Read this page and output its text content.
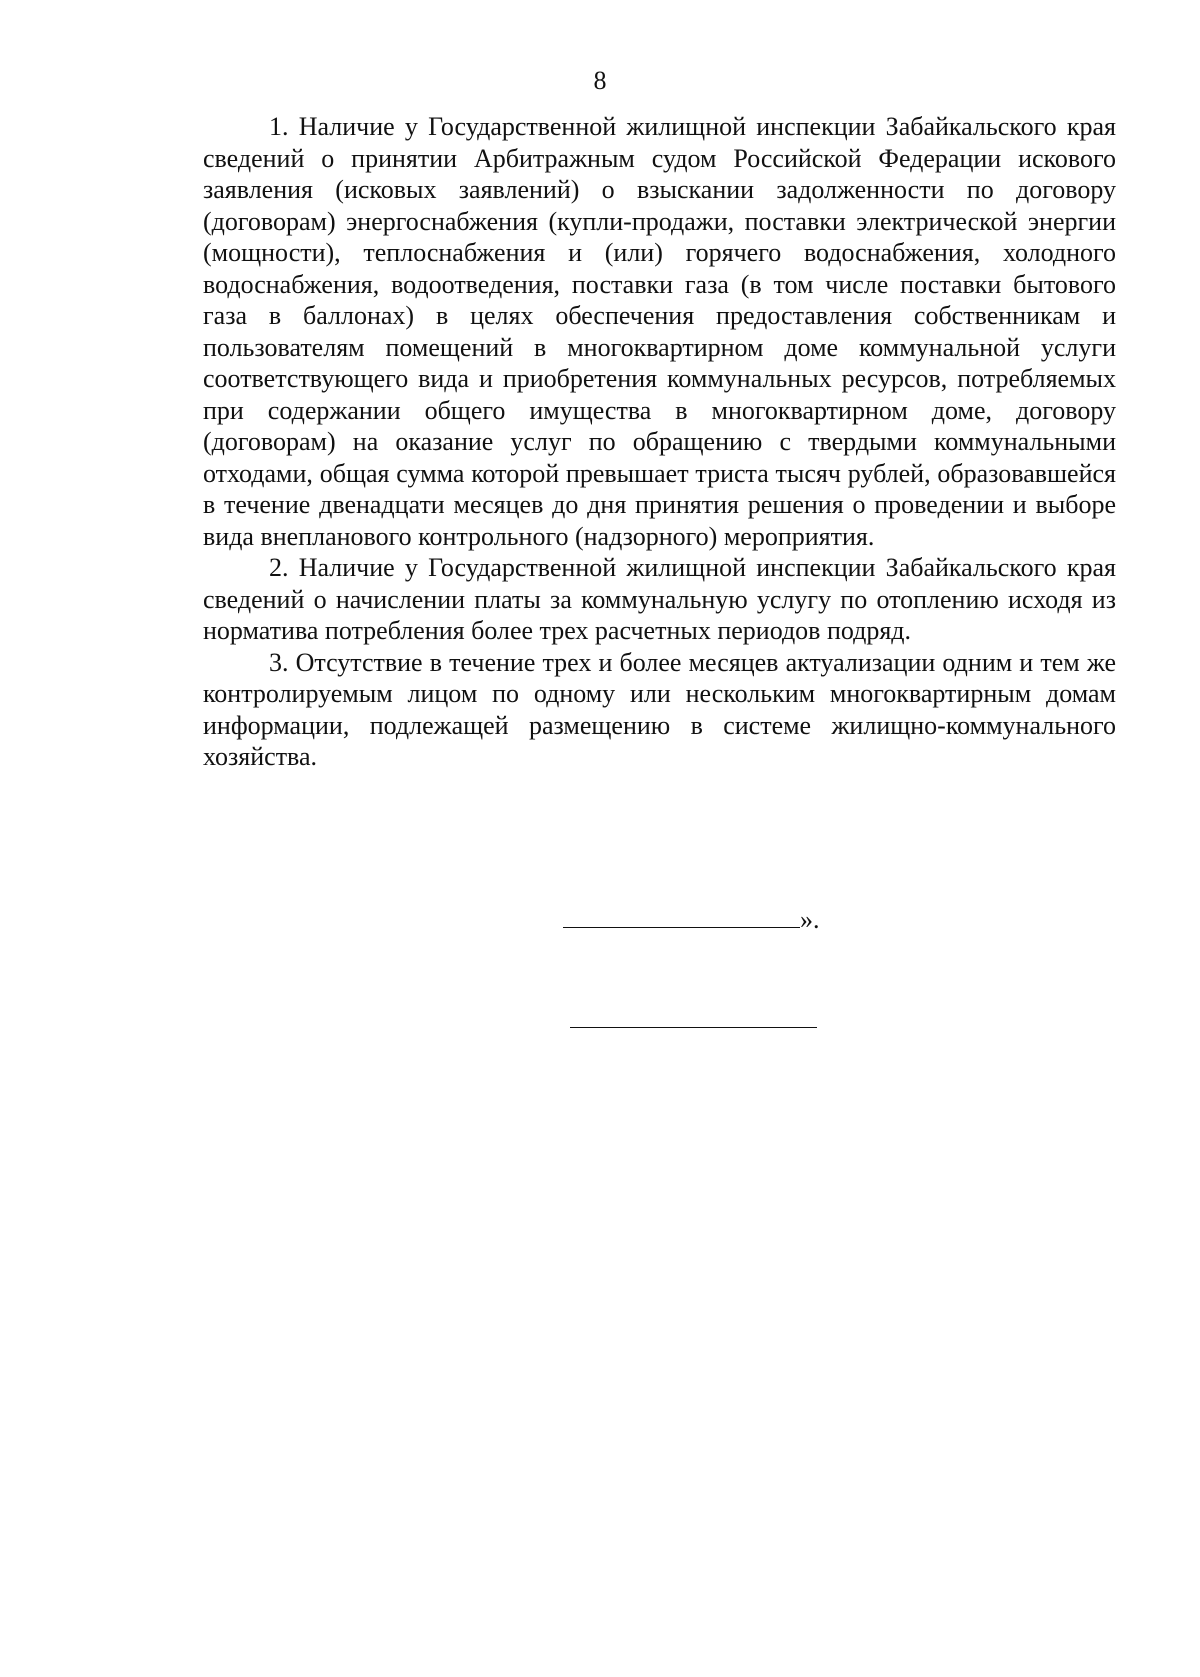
8

1. Наличие у Государственной жилищной инспекции Забайкальского края сведений о принятии Арбитражным судом Российской Федерации искового заявления (исковых заявлений) о взыскании задолженности по договору (договорам) энергоснабжения (купли-продажи, поставки электрической энергии (мощности), теплоснабжения и (или) горячего водоснабжения, холодного водоснабжения, водоотведения, поставки газа (в том числе поставки бытового газа в баллонах) в целях обеспечения предоставления собственникам и пользователям помещений в многоквартирном доме коммунальной услуги соответствующего вида и приобретения коммунальных ресурсов, потребляемых при содержании общего имущества в многоквартирном доме, договору (договорам) на оказание услуг по обращению с твердыми коммунальными отходами, общая сумма которой превышает триста тысяч рублей, образовавшейся в течение двенадцати месяцев до дня принятия решения о проведении и выборе вида внепланового контрольного (надзорного) мероприятия.

2. Наличие у Государственной жилищной инспекции Забайкальского края сведений о начислении платы за коммунальную услугу по отоплению исходя из норматива потребления более трех расчетных периодов подряд.

3. Отсутствие в течение трех и более месяцев актуализации одним и тем же контролируемым лицом по одному или нескольким многоквартирным домам информации, подлежащей размещению в системе жилищно-коммунального хозяйства.

».
